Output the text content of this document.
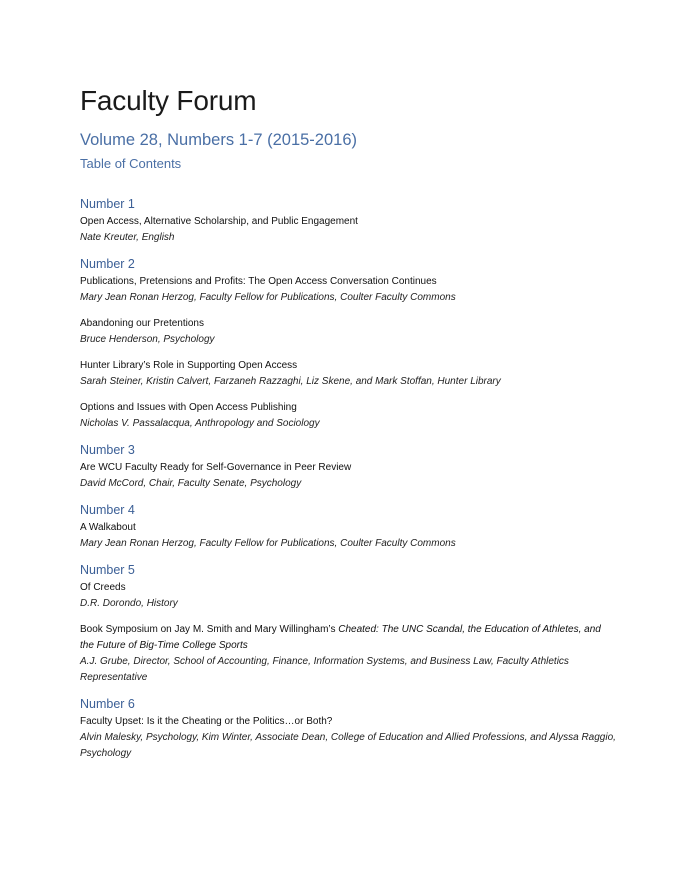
Faculty Forum
Volume 28, Numbers 1-7 (2015-2016)
Table of Contents
Number 1
Open Access, Alternative Scholarship, and Public Engagement
Nate Kreuter, English
Number 2
Publications, Pretensions and Profits: The Open Access Conversation Continues
Mary Jean Ronan Herzog, Faculty Fellow for Publications, Coulter Faculty Commons
Abandoning our Pretentions
Bruce Henderson, Psychology
Hunter Library’s Role in Supporting Open Access
Sarah Steiner, Kristin Calvert, Farzaneh Razzaghi, Liz Skene, and Mark Stoffan, Hunter Library
Options and Issues with Open Access Publishing
Nicholas V. Passalacqua, Anthropology and Sociology
Number 3
Are WCU Faculty Ready for Self-Governance in Peer Review
David McCord, Chair, Faculty Senate, Psychology
Number 4
A Walkabout
Mary Jean Ronan Herzog, Faculty Fellow for Publications, Coulter Faculty Commons
Number 5
Of Creeds
D.R. Dorondo, History
Book Symposium on Jay M. Smith and Mary Willingham’s Cheated: The UNC Scandal, the Education of Athletes, and the Future of Big-Time College Sports
A.J. Grube, Director, School of Accounting, Finance, Information Systems, and Business Law, Faculty Athletics Representative
Number 6
Faculty Upset: Is it the Cheating or the Politics…or Both?
Alvin Malesky, Psychology, Kim Winter, Associate Dean, College of Education and Allied Professions, and Alyssa Raggio, Psychology
